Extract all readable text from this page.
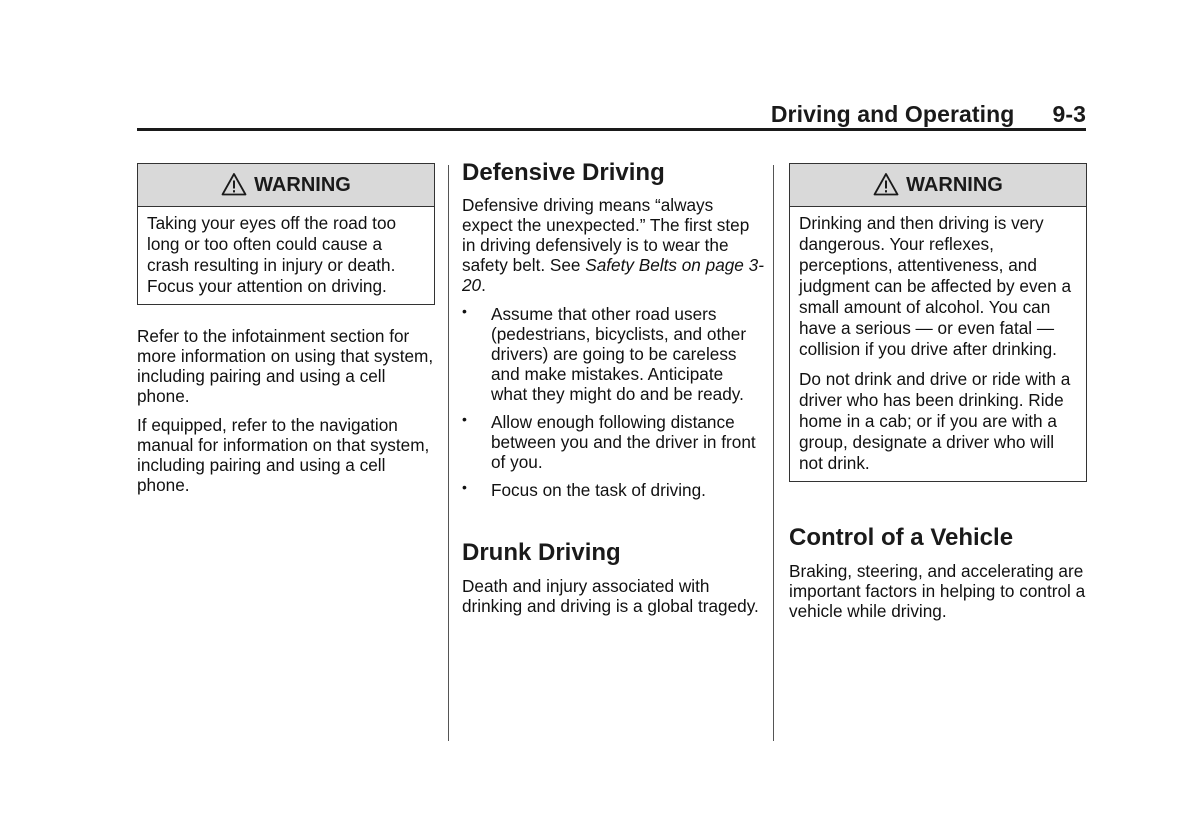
Driving and Operating 9-3
WARNING

Taking your eyes off the road too long or too often could cause a crash resulting in injury or death. Focus your attention on driving.

Refer to the infotainment section for more information on using that system, including pairing and using a cell phone.

If equipped, refer to the navigation manual for information on that system, including pairing and using a cell phone.

Defensive Driving

Defensive driving means “always expect the unexpected.” The first step in driving defensively is to wear the safety belt. See Safety Belts on page 3-20.

• Assume that other road users (pedestrians, bicyclists, and other drivers) are going to be careless and make mistakes. Anticipate what they might do and be ready.
• Allow enough following distance between you and the driver in front of you.
• Focus on the task of driving.
Drunk Driving

Death and injury associated with drinking and driving is a global tragedy.

WARNING

Drinking and then driving is very dangerous. Your reflexes, perceptions, attentiveness, and judgment can be affected by even a small amount of alcohol. You can have a serious — or even fatal — collision if you drive after drinking.

Do not drink and drive or ride with a driver who has been drinking. Ride home in a cab; or if you are with a group, designate a driver who will not drink.

Control of a Vehicle

Braking, steering, and accelerating are important factors in helping to control a vehicle while driving.
